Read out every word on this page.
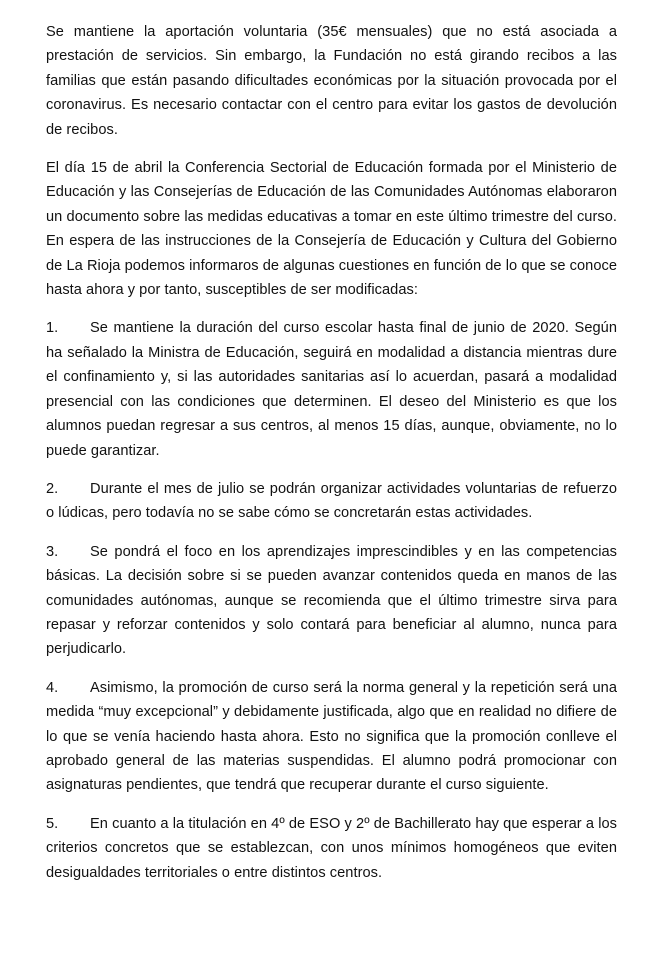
Se mantiene la aportación voluntaria (35€ mensuales) que no está asociada a prestación de servicios. Sin embargo, la Fundación no está girando recibos a las familias que están pasando dificultades económicas por la situación provocada por el coronavirus. Es necesario contactar con el centro para evitar los gastos de devolución de recibos.

El día 15 de abril la Conferencia Sectorial de Educación formada por el Ministerio de Educación y las Consejerías de Educación de las Comunidades Autónomas elaboraron un documento sobre las medidas educativas a tomar en este último trimestre del curso. En espera de las instrucciones de la Consejería de Educación y Cultura del Gobierno de La Rioja podemos informaros de algunas cuestiones en función de lo que se conoce hasta ahora y por tanto, susceptibles de ser modificadas:

1. Se mantiene la duración del curso escolar hasta final de junio de 2020. Según ha señalado la Ministra de Educación, seguirá en modalidad a distancia mientras dure el confinamiento y, si las autoridades sanitarias así lo acuerdan, pasará a modalidad presencial con las condiciones que determinen. El deseo del Ministerio es que los alumnos puedan regresar a sus centros, al menos 15 días, aunque, obviamente, no lo puede garantizar.

2. Durante el mes de julio se podrán organizar actividades voluntarias de refuerzo o lúdicas, pero todavía no se sabe cómo se concretarán estas actividades.

3. Se pondrá el foco en los aprendizajes imprescindibles y en las competencias básicas. La decisión sobre si se pueden avanzar contenidos queda en manos de las comunidades autónomas, aunque se recomienda que el último trimestre sirva para repasar y reforzar contenidos y solo contará para beneficiar al alumno, nunca para perjudicarlo.

4. Asimismo, la promoción de curso será la norma general y la repetición será una medida “muy excepcional” y debidamente justificada, algo que en realidad no difiere de lo que se venía haciendo hasta ahora. Esto no significa que la promoción conlleve el aprobado general de las materias suspendidas. El alumno podrá promocionar con asignaturas pendientes, que tendrá que recuperar durante el curso siguiente.

5. En cuanto a la titulación en 4º de ESO y 2º de Bachillerato hay que esperar a los criterios concretos que se establezcan, con unos mínimos homogéneos que eviten desigualdades territoriales o entre distintos centros.
